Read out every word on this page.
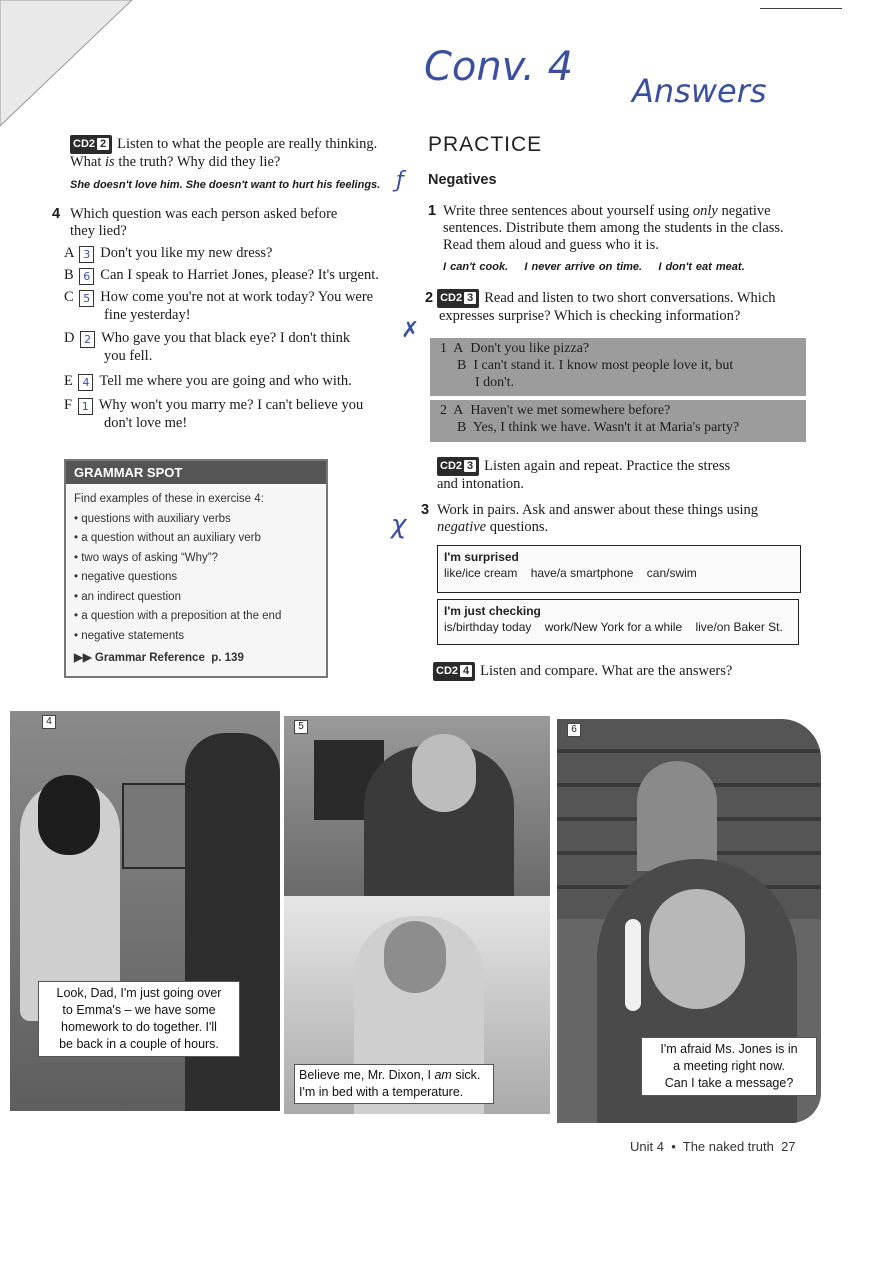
Conv. 4
Answers
CD2 2 Listen to what the people are really thinking.
What is the truth? Why did they lie?
She doesn't love him. She doesn't want to hurt his feelings. ƒ
4 Which question was each person asked before
they lied?
A 3 Don't you like my new dress?
B 6 Can I speak to Harriet Jones, please? It's urgent.
C 5 How come you're not at work today? You were
fine yesterday!
D 2 Who gave you that black eye? I don't think
you fell.
E 4 Tell me where you are going and who with.
F 1 Why won't you marry me? I can't believe you
don't love me!
GRAMMAR SPOT
Find examples of these in exercise 4:
• questions with auxiliary verbs
• a question without an auxiliary verb
• two ways of asking “Why”?
• negative questions
• an indirect question
• a question with a preposition at the end
• negative statements
▶▶ Grammar Reference p. 139
PRACTICE
Negatives
1 Write three sentences about yourself using only negative
sentences. Distribute them among the students in the class.
Read them aloud and guess who it is.
I can't cook. I never arrive on time. I don't eat meat.
2 CD2 3 Read and listen to two short conversations. Which
expresses surprise? Which is checking information?
✗
1 A Don't you like pizza?
B I can't stand it. I know most people love it, but
I don't.
2 A Haven't we met somewhere before?
B Yes, I think we have. Wasn't it at Maria's party?
CD2 3 Listen again and repeat. Practice the stress
and intonation.
χ 3 Work in pairs. Ask and answer about these things using
negative questions.
I'm surprised
like/ice cream have/a smartphone can/swim
I'm just checking
is/birthday today work/New York for a while live/on Baker St.
CD2 4 Listen and compare. What are the answers?
4
Look, Dad, I'm just going over
to Emma's – we have some
homework to do together. I'll
be back in a couple of hours.
5
Believe me, Mr. Dixon, I am sick.
I'm in bed with a temperature.
6
I'm afraid Ms. Jones is in
a meeting right now.
Can I take a message?
Unit 4 • The naked truth 27
